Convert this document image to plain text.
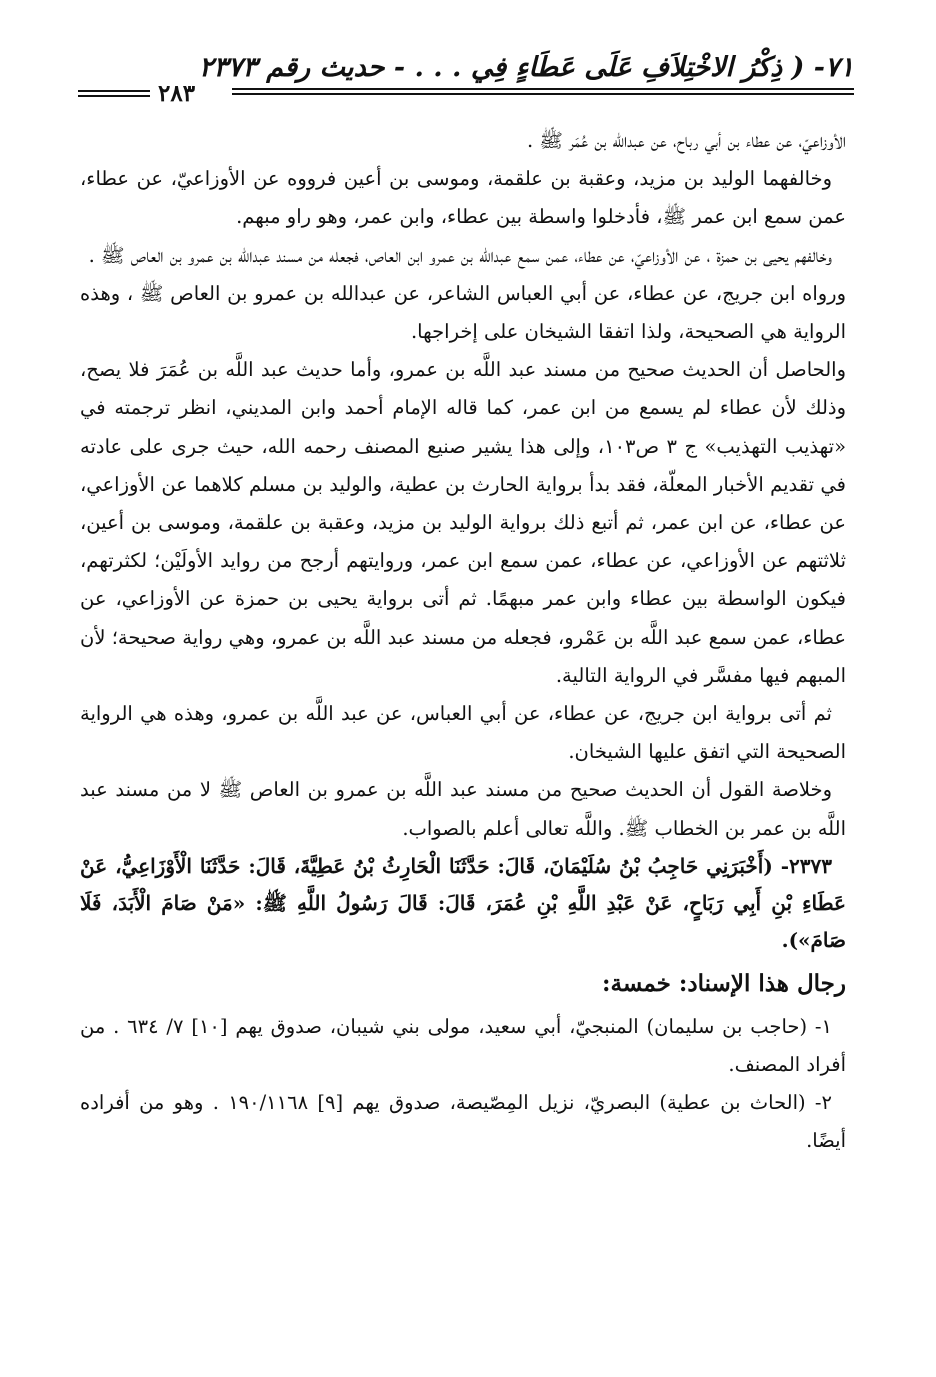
٧١- ( ذِكْرُ الاخْتِلاَفِ عَلَى عَطَاءٍ فِي . . . - حديث رقم ٢٣٧٣
٢٨٣

الأوزاعيّ، عن عطاء بن أبي رباح، عن عبدالله بن عُمَر ﷺ .

وخالفهما الوليد بن مزيد، وعقبة بن علقمة، وموسى بن أعين فرووه عن الأوزاعيّ، عن عطاء، عمن سمع ابن عمر ﷺ، فأدخلوا واسطة بين عطاء، وابن عمر، وهو راو مبهم.

وخالفهم يحيى بن حمزة ، عن الأوزاعيّ، عن عطاء، عمن سمع عبدالله بن عمرو ابن العاص، فجعله من مسند عبدالله بن عمرو بن العاص ﷺ .

ورواه ابن جريج، عن عطاء، عن أبي العباس الشاعر، عن عبدالله بن عمرو بن العاص ﷺ ، وهذه الرواية هي الصحيحة، ولذا اتفقا الشيخان على إخراجها.

والحاصل أن الحديث صحيح من مسند عبد اللَّه بن عمرو، وأما حديث عبد اللَّه بن عُمَرَ فلا يصح، وذلك لأن عطاء لم يسمع من ابن عمر، كما قاله الإمام أحمد وابن المديني، انظر ترجمته في «تهذيب التهذيب» ج ٣ ص١٠٣، وإلى هذا يشير صنيع المصنف رحمه الله، حيث جرى على عادته في تقديم الأخبار المعلّة، فقد بدأ برواية الحارث بن عطية، والوليد بن مسلم كلاهما عن الأوزاعي، عن عطاء، عن ابن عمر، ثم أتبع ذلك برواية الوليد بن مزيد، وعقبة بن علقمة، وموسى بن أعين، ثلاثتهم عن الأوزاعي، عن عطاء، عمن سمع ابن عمر، وروايتهم أرجح من روايد الأولَيْن؛ لكثرتهم، فيكون الواسطة بين عطاء وابن عمر مبهمًا. ثم أتى برواية يحيى بن حمزة عن الأوزاعي، عن عطاء، عمن سمع عبد اللَّه بن عَمْرو، فجعله من مسند عبد اللَّه بن عمرو، وهي رواية صحيحة؛ لأن المبهم فيها مفسَّر في الرواية التالية.

ثم أتى برواية ابن جريج، عن عطاء، عن أبي العباس، عن عبد اللَّه بن عمرو، وهذه هي الرواية الصحيحة التي اتفق عليها الشيخان.

وخلاصة القول أن الحديث صحيح من مسند عبد اللَّه بن عمرو بن العاص ﷺ لا من مسند عبد اللَّه بن عمر بن الخطاب ﷺ. واللَّه تعالى أعلم بالصواب.

٢٣٧٣- (أَخْبَرَنِي حَاجِبُ بْنُ سُلَيْمَانَ، قَالَ: حَدَّثَنَا الْحَارِثُ بْنُ عَطِيَّةَ، قَالَ: حَدَّثَنَا الْأَوْزَاعِيُّ، عَنْ عَطَاءِ بْنِ أَبِي رَبَاحٍ، عَنْ عَبْدِ اللَّهِ بْنِ عُمَرَ، قَالَ: قَالَ رَسُولُ اللَّهِ ﷺ: «مَنْ صَامَ الْأَبَدَ، فَلَا صَامَ»).

رجال هذا الإسناد: خمسة:

١- (حاجب بن سليمان) المنبجيّ، أبي سعيد، مولى بني شيبان، صدوق يهم [١٠] ٧/ ٦٣٤ . من أفراد المصنف.

٢- (الحاث بن عطية) البصريّ، نزيل المِصّيصة، صدوق يهم [٩] ١٩٠/١١٦٨ . وهو من أفراده أيضًا.
